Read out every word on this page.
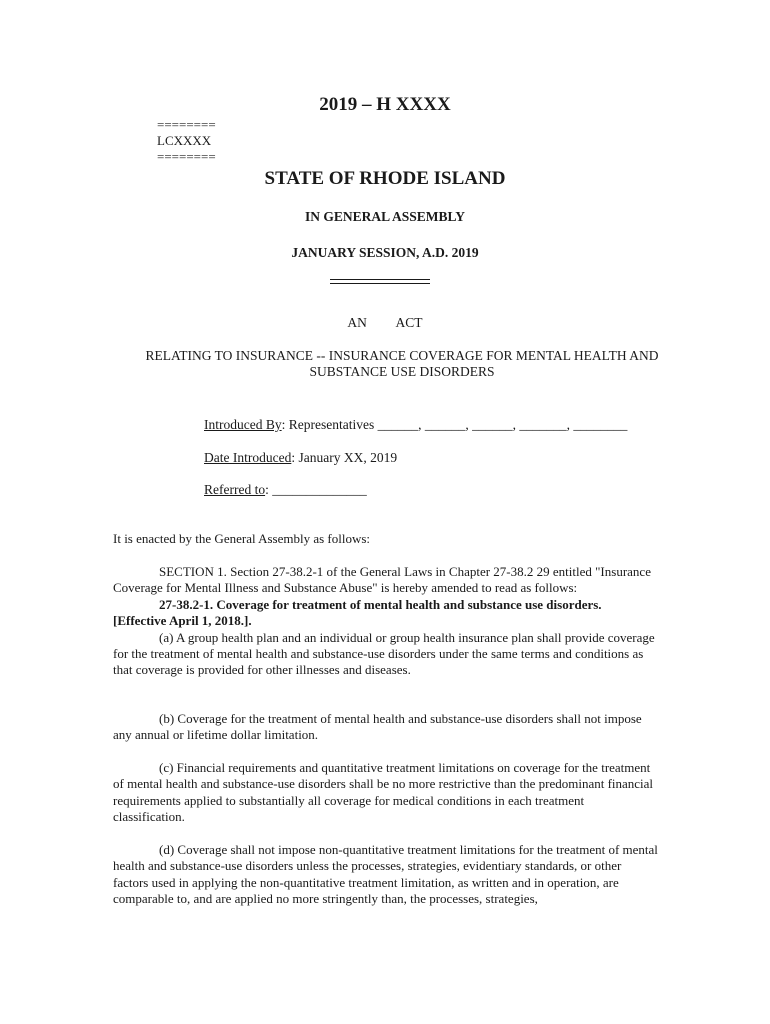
2019 – H XXXX
========
LCXXXX
========
STATE OF RHODE ISLAND
IN GENERAL ASSEMBLY
JANUARY SESSION, A.D. 2019
AN ACT
RELATING TO INSURANCE -- INSURANCE COVERAGE FOR MENTAL HEALTH AND SUBSTANCE USE DISORDERS
Introduced By: Representatives ______, ______, ______, _______, ________
Date Introduced: January XX, 2019
Referred to: ______________

It is enacted by the General Assembly as follows:

SECTION 1. Section 27-38.2-1 of the General Laws in Chapter 27-38.2 29 entitled "Insurance Coverage for Mental Illness and Substance Abuse" is hereby amended to read as follows:

27-38.2-1. Coverage for treatment of mental health and substance use disorders. [Effective April 1, 2018.].

(a) A group health plan and an individual or group health insurance plan shall provide coverage for the treatment of mental health and substance-use disorders under the same terms and conditions as that coverage is provided for other illnesses and diseases.

(b) Coverage for the treatment of mental health and substance-use disorders shall not impose any annual or lifetime dollar limitation.

(c) Financial requirements and quantitative treatment limitations on coverage for the treatment of mental health and substance-use disorders shall be no more restrictive than the predominant financial requirements applied to substantially all coverage for medical conditions in each treatment classification.

(d) Coverage shall not impose non-quantitative treatment limitations for the treatment of mental health and substance-use disorders unless the processes, strategies, evidentiary standards, or other factors used in applying the non-quantitative treatment limitation, as written and in operation, are comparable to, and are applied no more stringently than, the processes, strategies,
